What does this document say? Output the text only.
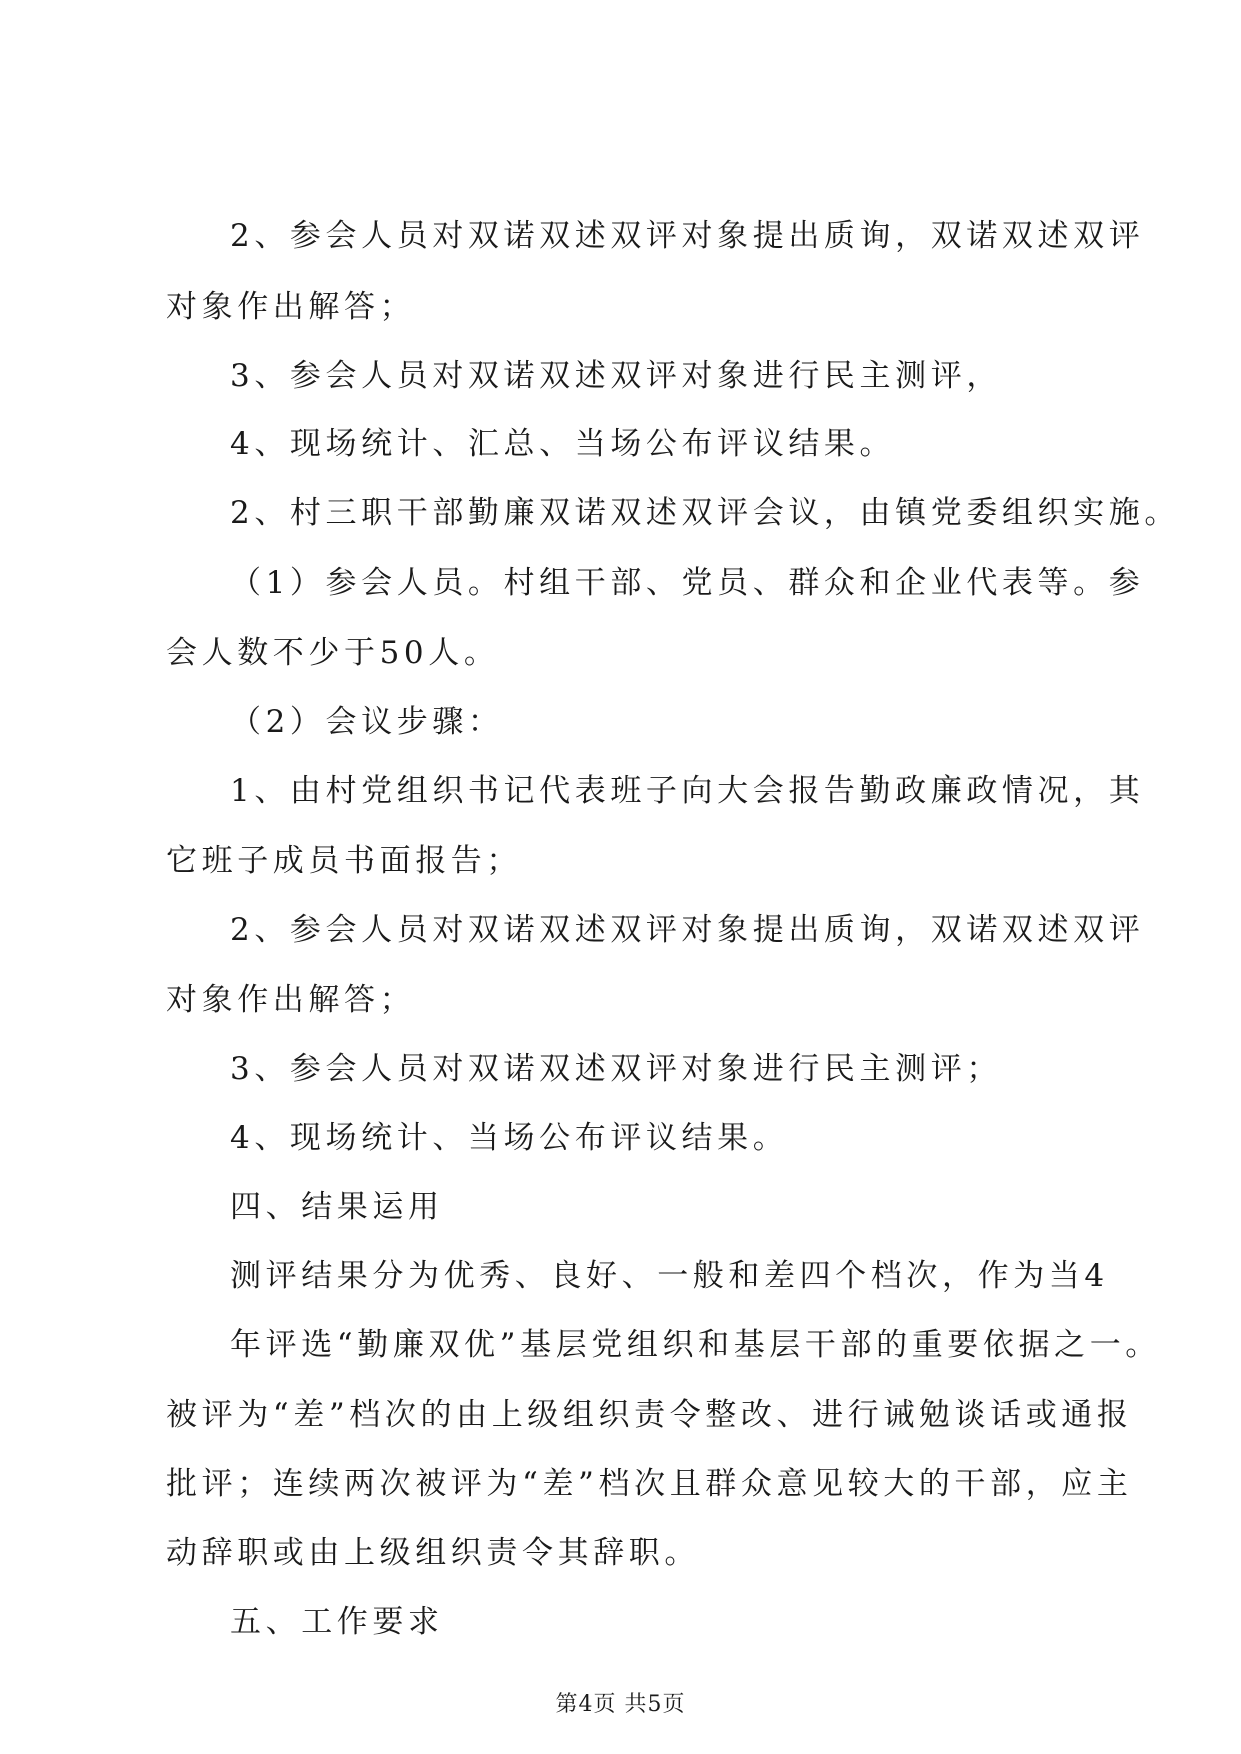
2、参会人员对双诺双述双评对象提出质询，双诺双述双评

对象作出解答；

3、参会人员对双诺双述双评对象进行民主测评，

4、现场统计、汇总、当场公布评议结果。

2、村三职干部勤廉双诺双述双评会议，由镇党委组织实施。

（1）参会人员。村组干部、党员、群众和企业代表等。参

会人数不少于50人。

（2）会议步骤：

1、由村党组织书记代表班子向大会报告勤政廉政情况，其

它班子成员书面报告；

2、参会人员对双诺双述双评对象提出质询，双诺双述双评

对象作出解答；

3、参会人员对双诺双述双评对象进行民主测评；

4、现场统计、当场公布评议结果。

四、结果运用

测评结果分为优秀、良好、一般和差四个档次，作为当4

年评选“勤廉双优”基层党组织和基层干部的重要依据之一。

被评为“差”档次的由上级组织责令整改、进行诫勉谈话或通报

批评；连续两次被评为“差”档次且群众意见较大的干部，应主

动辞职或由上级组织责令其辞职。

五、工作要求

第4页 共5页
